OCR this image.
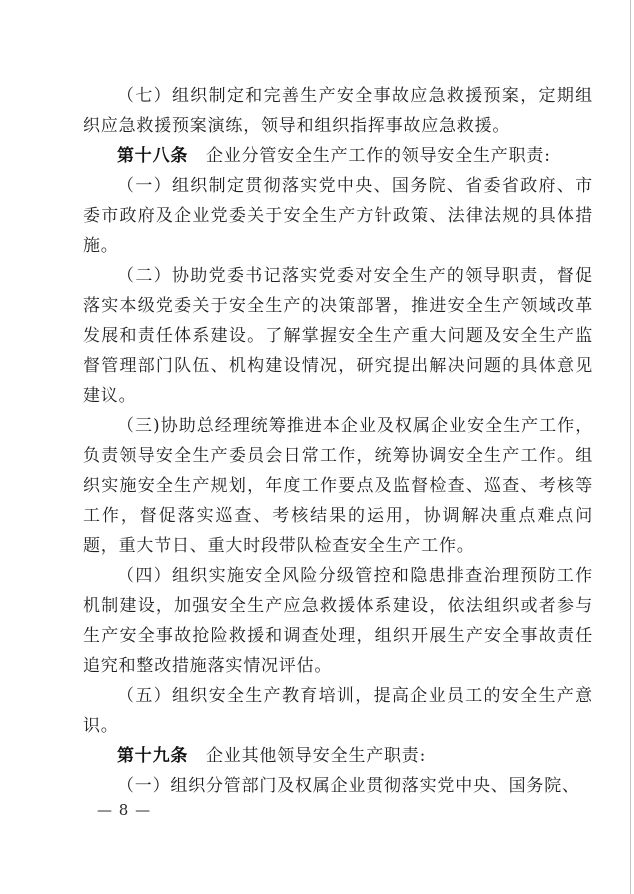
（七）组织制定和完善生产安全事故应急救援预案，定期组织应急救援预案演练，领导和组织指挥事故应急救援。

第十八条　企业分管安全生产工作的领导安全生产职责:

（一）组织制定贯彻落实党中央、国务院、省委省政府、市委市政府及企业党委关于安全生产方针政策、法律法规的具体措施。

（二）协助党委书记落实党委对安全生产的领导职责，督促落实本级党委关于安全生产的决策部署，推进安全生产领域改革发展和责任体系建设。了解掌握安全生产重大问题及安全生产监督管理部门队伍、机构建设情况，研究提出解决问题的具体意见建议。

（三)协助总经理统筹推进本企业及权属企业安全生产工作，负责领导安全生产委员会日常工作，统筹协调安全生产工作。组织实施安全生产规划，年度工作要点及监督检查、巡查、考核等工作，督促落实巡查、考核结果的运用，协调解决重点难点问题，重大节日、重大时段带队检查安全生产工作。

（四）组织实施安全风险分级管控和隐患排查治理预防工作机制建设，加强安全生产应急救援体系建设，依法组织或者参与生产安全事故抢险救援和调查处理，组织开展生产安全事故责任追究和整改措施落实情况评估。

（五）组织安全生产教育培训，提高企业员工的安全生产意识。

第十九条　企业其他领导安全生产职责:

（一）组织分管部门及权属企业贯彻落实党中央、国务院、

— 8 —
